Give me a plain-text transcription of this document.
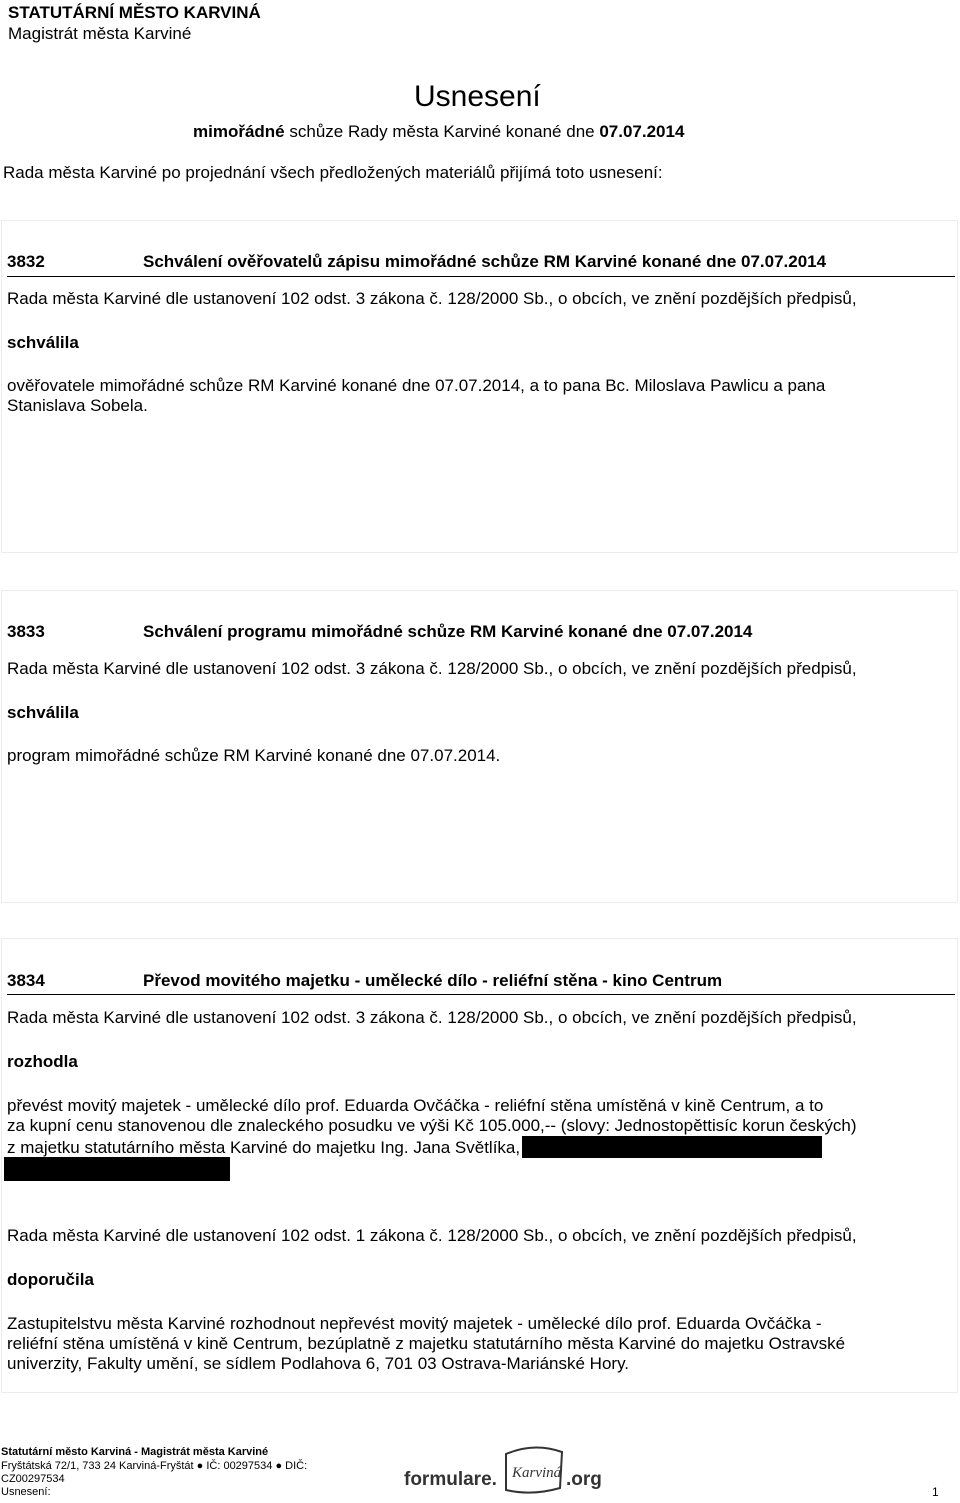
STATUTÁRNÍ MĚSTO KARVINÁ
Magistrát města Karviné
Usnesení
mimořádné schůze Rady města Karviné konané dne 07.07.2014
Rada města Karviné po projednání všech předložených materiálů přijímá toto usnesení:
3832	Schválení ověřovatelů zápisu mimořádné schůze RM Karviné konané dne 07.07.2014
Rada města Karviné dle ustanovení 102 odst. 3 zákona č. 128/2000 Sb., o obcích, ve znění pozdějších předpisů,
schválila
ověřovatele mimořádné schůze RM Karviné konané dne 07.07.2014, a to pana Bc. Miloslava Pawlicu a pana
Stanislava Sobela.
3833	Schválení programu mimořádné schůze RM Karviné konané dne 07.07.2014
Rada města Karviné dle ustanovení 102 odst. 3 zákona č. 128/2000 Sb., o obcích, ve znění pozdějších předpisů,
schválila
program mimořádné schůze RM Karviné konané dne 07.07.2014.
3834	Převod movitého majetku - umělecké dílo - reliéfní stěna - kino Centrum
Rada města Karviné dle ustanovení 102 odst. 3 zákona č. 128/2000 Sb., o obcích, ve znění pozdějších předpisů,
rozhodla
převést movitý majetek - umělecké dílo prof. Eduarda Ovčáčka - reliéfní stěna umístěná v kině Centrum, a to
za kupní cenu stanovenou dle znaleckého posudku ve výši Kč 105.000,-- (slovy: Jednostopěttisíc korun českých)
z majetku statutárního města Karviné do majetku Ing. Jana Světlíka,
Rada města Karviné dle ustanovení 102 odst. 1 zákona č. 128/2000 Sb., o obcích, ve znění pozdějších předpisů,
doporučila
Zastupitelstvu města Karviné rozhodnout nepřevést movitý majetek - umělecké dílo prof. Eduarda Ovčáčka -
reliéfní stěna umístěná v kině Centrum, bezúplatně z majetku statutárního města Karviné do majetku Ostravské
univerzity, Fakulty umění, se sídlem Podlahova 6, 701 03 Ostrava-Mariánské Hory.
Statutární město Karviná - Magistrát města Karviné
Fryštátská 72/1, 733 24 Karviná-Fryštát ● IČ: 00297534 ● DIČ:
CZ00297534
Usnesení:	1
formulare. Karviná .org
